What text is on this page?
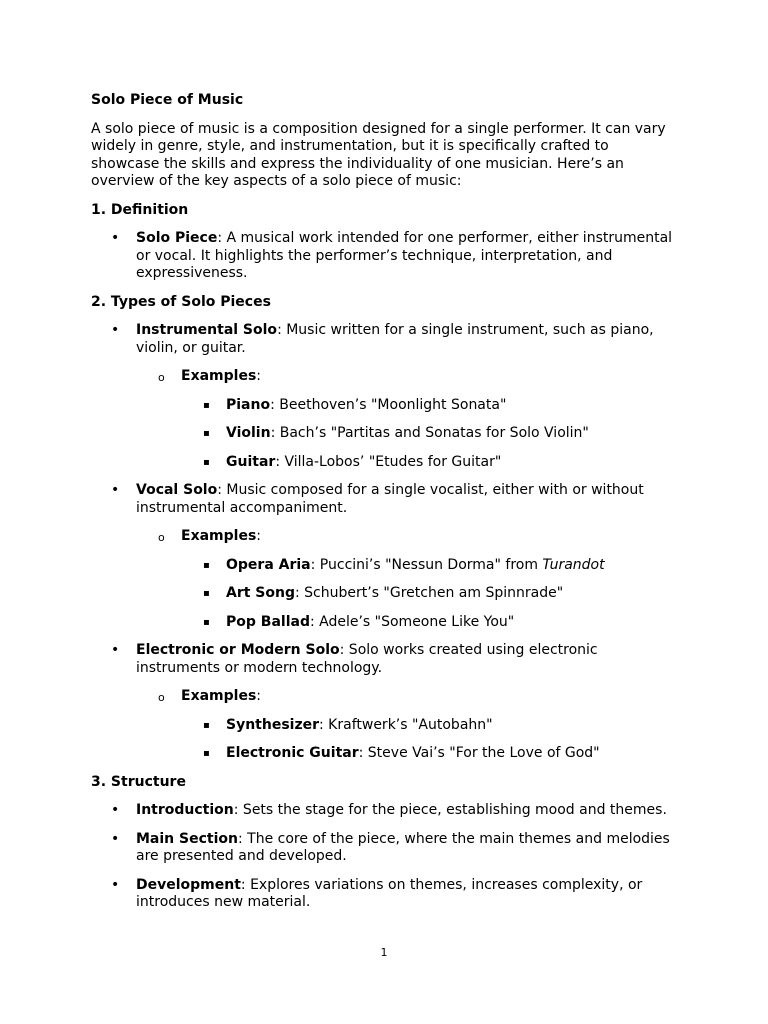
Solo Piece of Music

A solo piece of music is a composition designed for a single performer. It can vary widely in genre, style, and instrumentation, but it is specifically crafted to showcase the skills and express the individuality of one musician. Here’s an overview of the key aspects of a solo piece of music:

1. Definition
•	Solo Piece: A musical work intended for one performer, either instrumental or vocal. It highlights the performer’s technique, interpretation, and expressiveness.
2. Types of Solo Pieces
•	Instrumental Solo: Music written for a single instrument, such as piano, violin, or guitar.
o	Examples:
▪	Piano: Beethoven’s "Moonlight Sonata"
▪	Violin: Bach’s "Partitas and Sonatas for Solo Violin"
▪	Guitar: Villa-Lobos’ "Etudes for Guitar"
•	Vocal Solo: Music composed for a single vocalist, either with or without instrumental accompaniment.
o	Examples:
▪	Opera Aria: Puccini’s "Nessun Dorma" from Turandot
▪	Art Song: Schubert’s "Gretchen am Spinnrade"
▪	Pop Ballad: Adele’s "Someone Like You"
•	Electronic or Modern Solo: Solo works created using electronic instruments or modern technology.
o	Examples:
▪	Synthesizer: Kraftwerk’s "Autobahn"
▪	Electronic Guitar: Steve Vai’s "For the Love of God"
3. Structure
•	Introduction: Sets the stage for the piece, establishing mood and themes.
•	Main Section: The core of the piece, where the main themes and melodies are presented and developed.
•	Development: Explores variations on themes, increases complexity, or introduces new material.
1
